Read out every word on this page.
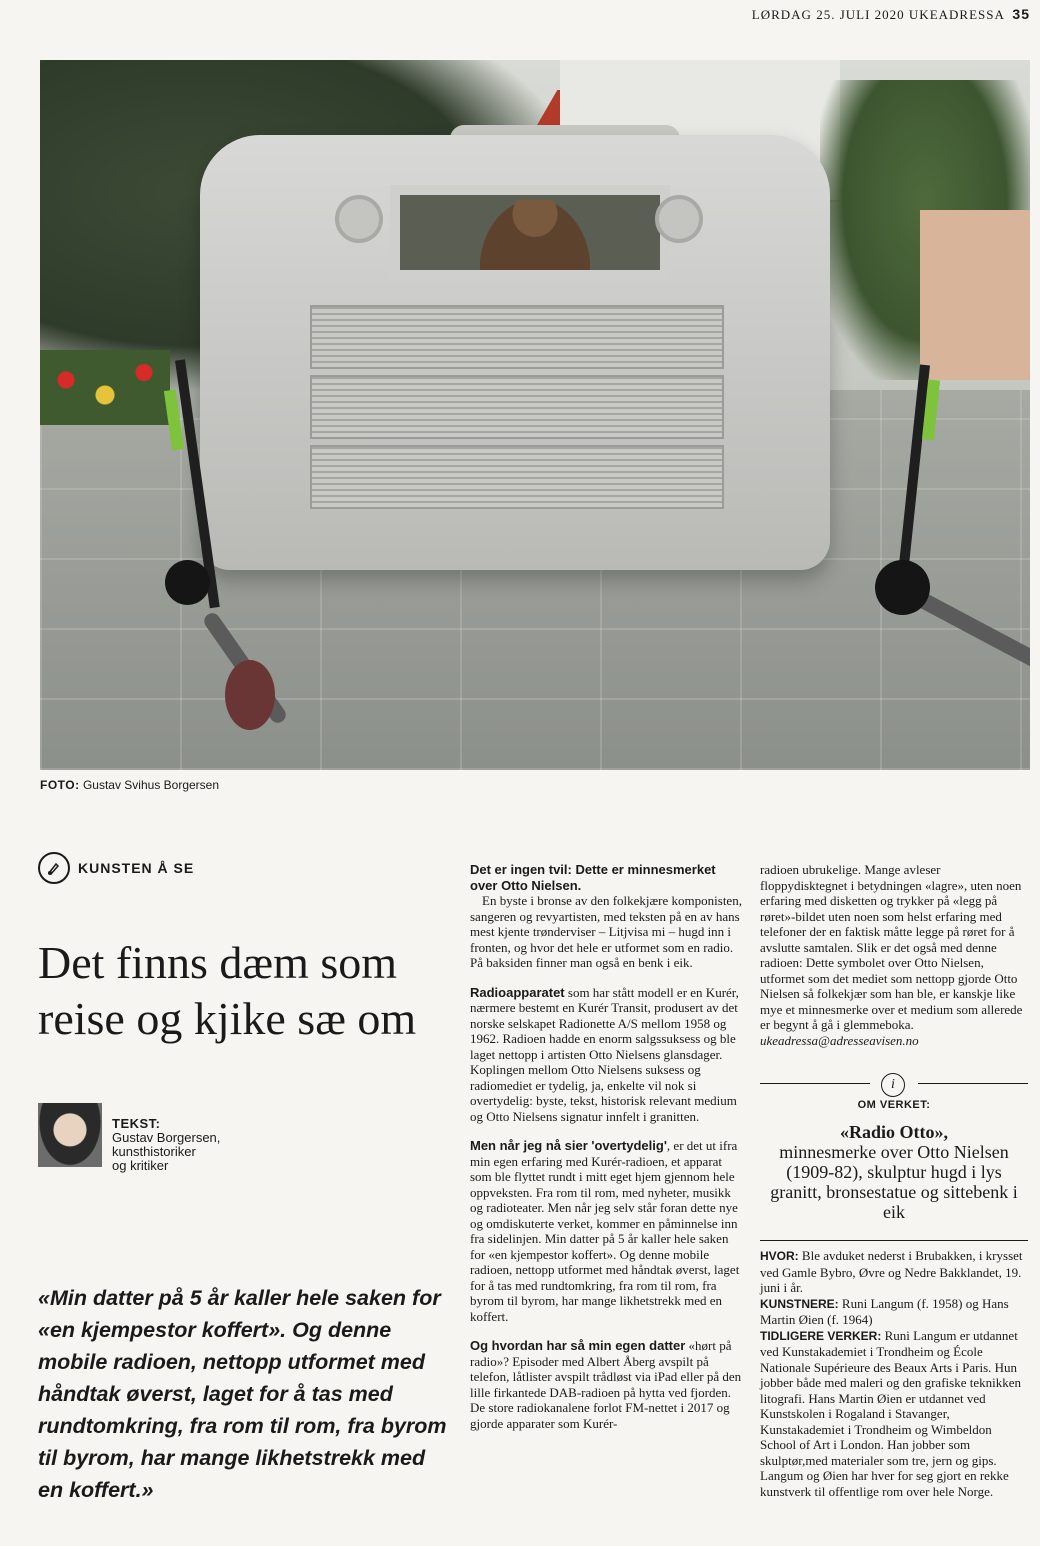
LØRDAG 25. JULI 2020 UKEADRESSA 35
FOTO: Gustav Svihus Borgersen
KUNSTEN Å SE
Det finns dæm som reise og kjike sæ om
TEKST:
Gustav Borgersen,
kunsthistoriker
og kritiker

«Min datter på 5 år kaller hele saken for «en kjempestor koffert». Og denne mobile radioen, nettopp utformet med håndtak øverst, laget for å tas med rundtomkring, fra rom til rom, fra byrom til byrom, har mange likhetstrekk med en koffert.»

Det er ingen tvil: Dette er minnesmerket over Otto Nielsen.
En byste i bronse av den folkekjære komponisten, sangeren og revyartisten, med teksten på en av hans mest kjente trønderviser – Litjvisa mi – hugd inn i fronten, og hvor det hele er utformet som en radio. På baksiden finner man også en benk i eik.

Radioapparatet som har stått modell er en Kurér, nærmere bestemt en Kurér Transit, produsert av det norske selskapet Radionette A/S mellom 1958 og 1962. Radioen hadde en enorm salgssuksess og ble laget nettopp i artisten Otto Nielsens glansdager. Koplingen mellom Otto Nielsens suksess og radiomediet er tydelig, ja, enkelte vil nok si overtydelig: byste, tekst, historisk relevant medium og Otto Nielsens signatur innfelt i granitten.

Men når jeg nå sier 'overtydelig', er det ut ifra min egen erfaring med Kurér-radioen, et apparat som ble flyttet rundt i mitt eget hjem gjennom hele oppveksten. Fra rom til rom, med nyheter, musikk og radioteater. Men når jeg selv står foran dette nye og omdiskuterte verket, kommer en påminnelse inn fra sidelinjen. Min datter på 5 år kaller hele saken for «en kjempestor koffert». Og denne mobile radioen, nettopp utformet med håndtak øverst, laget for å tas med rundtomkring, fra rom til rom, fra byrom til byrom, har mange likhetstrekk med en koffert.

Og hvordan har så min egen datter «hørt på radio»? Episoder med Albert Åberg avspilt på telefon, låtlister avspilt trådløst via iPad eller på den lille firkantede DAB-radioen på hytta ved fjorden. De store radiokanalene forlot FM-nettet i 2017 og gjorde apparater som Kurér-

radioen ubrukelige. Mange avleser floppydisktegnet i betydningen «lagre», uten noen erfaring med disketten og trykker på «legg på røret»-bildet uten noen som helst erfaring med telefoner der en faktisk måtte legge på røret for å avslutte samtalen. Slik er det også med denne radioen: Dette symbolet over Otto Nielsen, utformet som det mediet som nettopp gjorde Otto Nielsen så folkekjær som han ble, er kanskje like mye et minnesmerke over et medium som allerede er begynt å gå i glemmeboka.

ukeadressa@adresseavisen.no

i
OM VERKET:
«Radio Otto»,
minnesmerke over Otto Nielsen (1909-82), skulptur hugd i lys granitt, bronsestatue og sittebenk i eik

HVOR: Ble avduket nederst i Brubakken, i krysset ved Gamle Bybro, Øvre og Nedre Bakklandet, 19. juni i år.

KUNSTNERE: Runi Langum (f. 1958) og Hans Martin Øien (f. 1964)

TIDLIGERE VERKER: Runi Langum er utdannet ved Kunstakademiet i Trondheim og École Nationale Supérieure des Beaux Arts i Paris. Hun jobber både med maleri og den grafiske teknikken litografi. Hans Martin Øien er utdannet ved Kunstskolen i Rogaland i Stavanger, Kunstakademiet i Trondheim og Wimbeldon School of Art i London. Han jobber som skulptør,med materialer som tre, jern og gips. Langum og Øien har hver for seg gjort en rekke kunstverk til offentlige rom over hele Norge.
